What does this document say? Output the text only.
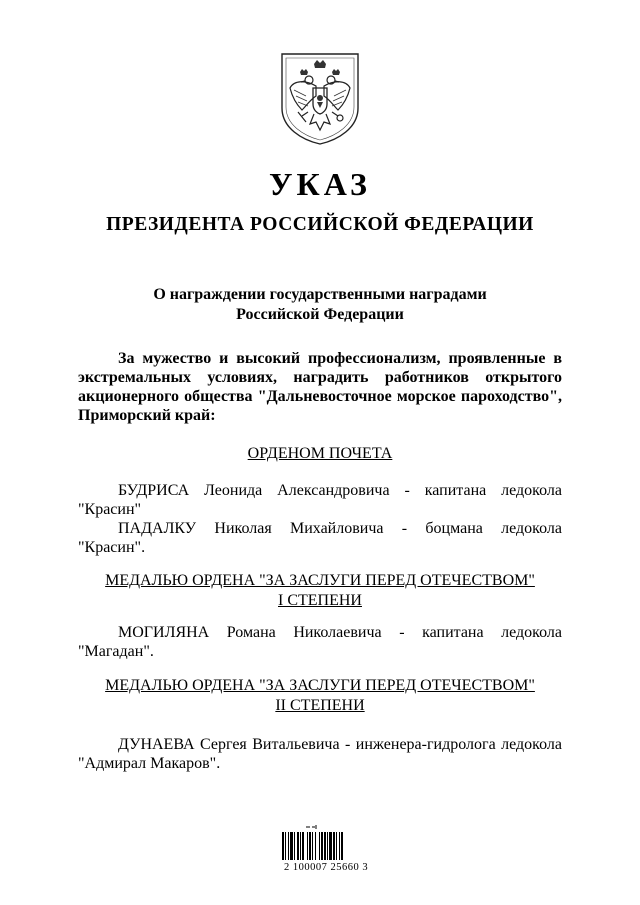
УКАЗ
ПРЕЗИДЕНТА РОССИЙСКОЙ ФЕДЕРАЦИИ
О награждении государственными наградами
Российской Федерации
За мужество и высокий профессионализм, проявленные в
экстремальных условиях, наградить работников открытого
акционерного общества "Дальневосточное морское пароходство",
Приморский край:
ОРДЕНОМ ПОЧЕТА
БУДРИСА Леонида Александровича - капитана ледокола
"Красин"
ПАДАЛКУ Николая Михайловича - боцмана ледокола
"Красин".
МЕДАЛЬЮ ОРДЕНА "ЗА ЗАСЛУГИ ПЕРЕД ОТЕЧЕСТВОМ"
I СТЕПЕНИ
МОГИЛЯНА Романа Николаевича - капитана ледокола
"Магадан".
МЕДАЛЬЮ ОРДЕНА "ЗА ЗАСЛУГИ ПЕРЕД ОТЕЧЕСТВОМ"
II СТЕПЕНИ
ДУНАЕВА Сергея Витальевича - инженера-гидролога ледокола
"Адмирал Макаров".
2 100007 25660 3
